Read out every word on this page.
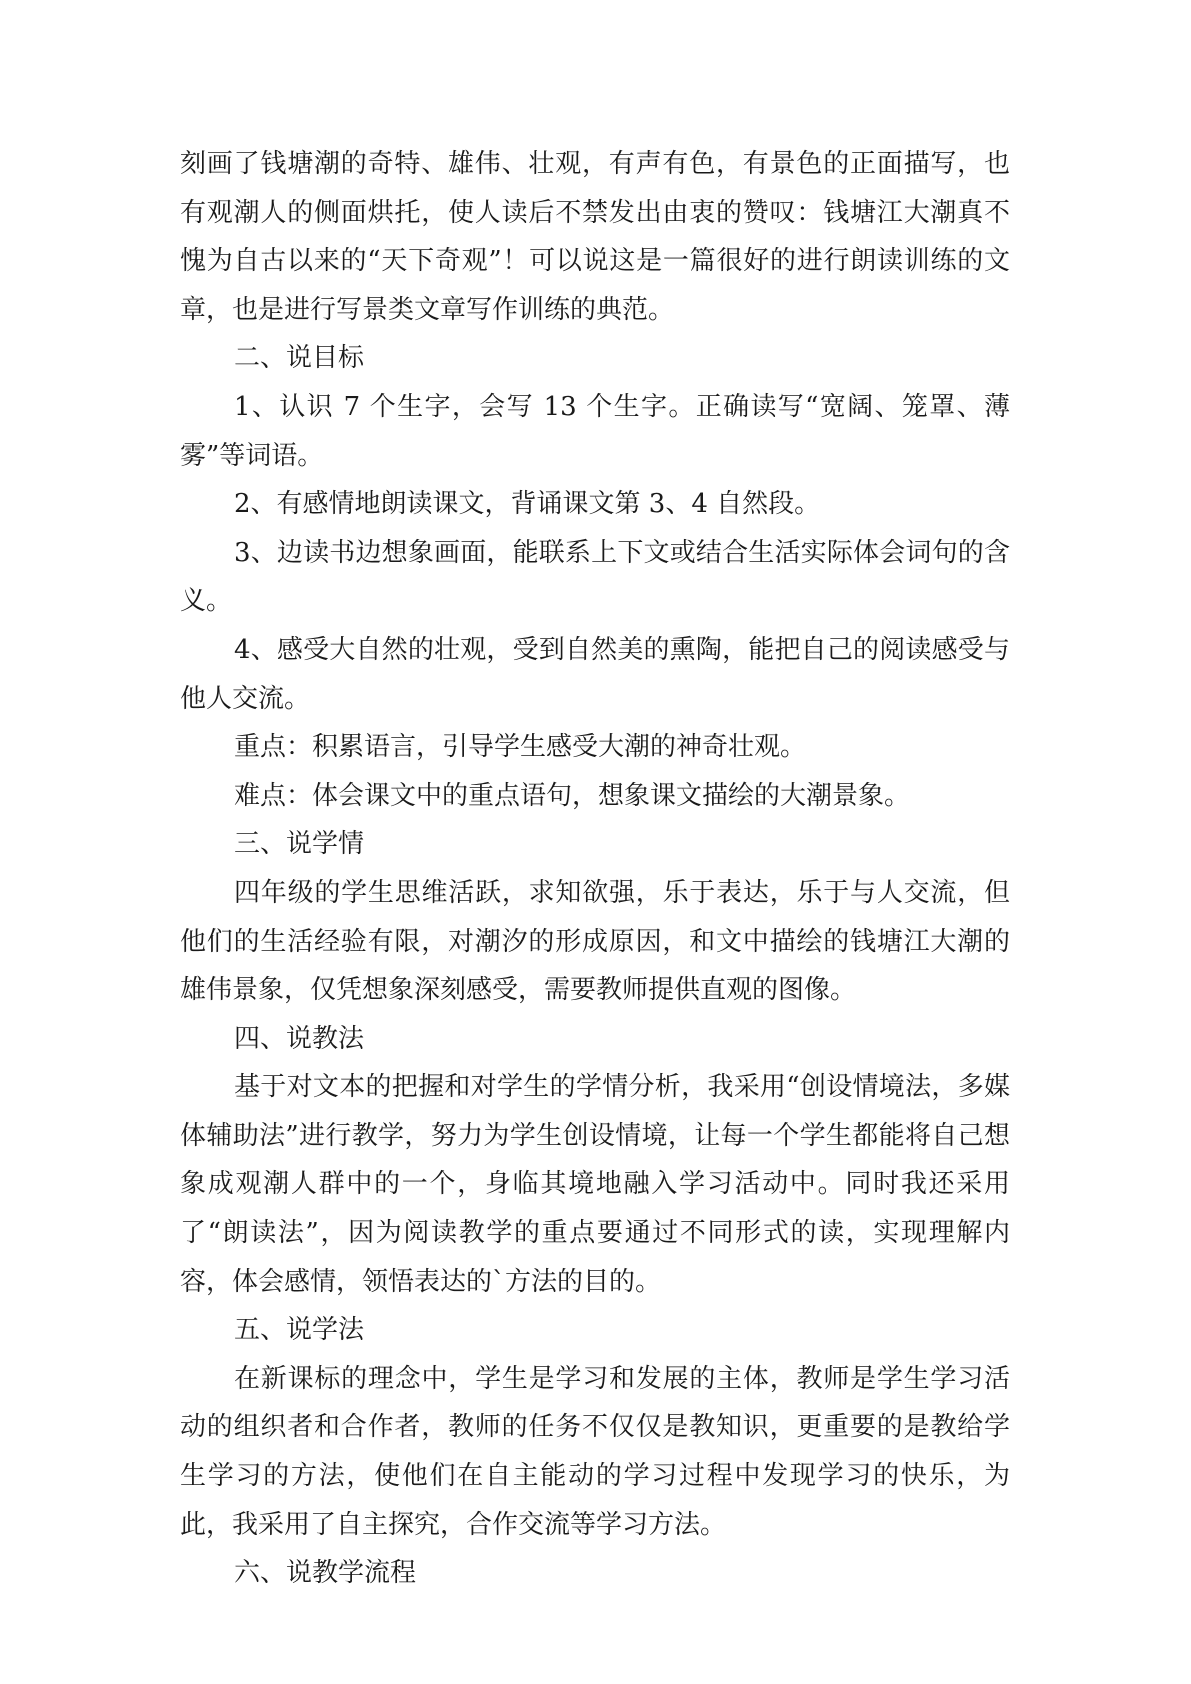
刻画了钱塘潮的奇特、雄伟、壮观，有声有色，有景色的正面描写，也有观潮人的侧面烘托，使人读后不禁发出由衷的赞叹：钱塘江大潮真不愧为自古以来的“天下奇观”！可以说这是一篇很好的进行朗读训练的文章，也是进行写景类文章写作训练的典范。

二、说目标

1、认识 7 个生字，会写 13 个生字。正确读写“宽阔、笼罩、薄雾”等词语。

2、有感情地朗读课文，背诵课文第 3、4 自然段。

3、边读书边想象画面，能联系上下文或结合生活实际体会词句的含义。

4、感受大自然的壮观，受到自然美的熏陶，能把自己的阅读感受与他人交流。

重点：积累语言，引导学生感受大潮的神奇壮观。

难点：体会课文中的重点语句，想象课文描绘的大潮景象。

三、说学情

四年级的学生思维活跃，求知欲强，乐于表达，乐于与人交流，但他们的生活经验有限，对潮汐的形成原因，和文中描绘的钱塘江大潮的雄伟景象，仅凭想象深刻感受，需要教师提供直观的图像。

四、说教法

基于对文本的把握和对学生的学情分析，我采用“创设情境法，多媒体辅助法”进行教学，努力为学生创设情境，让每一个学生都能将自己想象成观潮人群中的一个，身临其境地融入学习活动中。同时我还采用了“朗读法”，因为阅读教学的重点要通过不同形式的读，实现理解内容，体会感情，领悟表达的`方法的目的。

五、说学法

在新课标的理念中，学生是学习和发展的主体，教师是学生学习活动的组织者和合作者，教师的任务不仅仅是教知识，更重要的是教给学生学习的方法，使他们在自主能动的学习过程中发现学习的快乐，为此，我采用了自主探究，合作交流等学习方法。

六、说教学流程
